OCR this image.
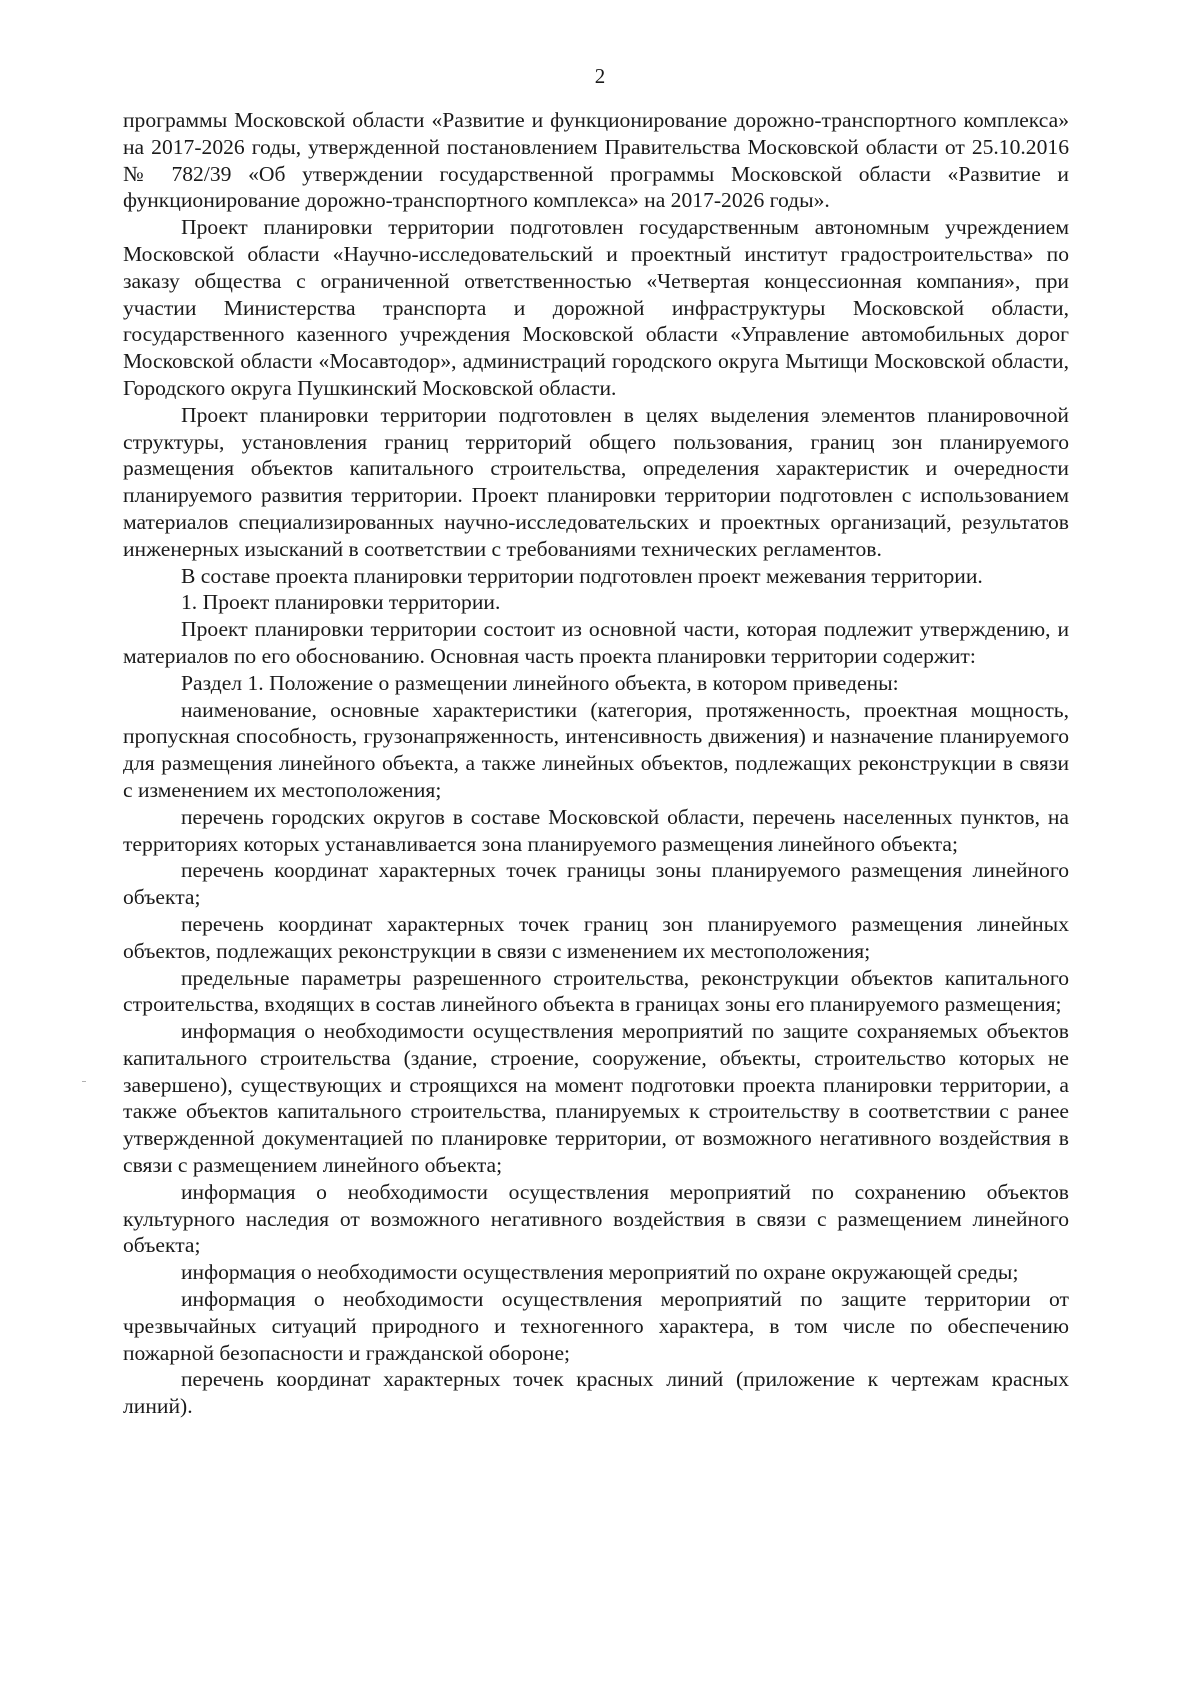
2

программы Московской области «Развитие и функционирование дорожно-транспортного комплекса» на 2017-2026 годы, утвержденной постановлением Правительства Московской области от 25.10.2016 № 782/39 «Об утверждении государственной программы Московской области «Развитие и функционирование дорожно-транспортного комплекса» на 2017-2026 годы».

Проект планировки территории подготовлен государственным автономным учреждением Московской области «Научно-исследовательский и проектный институт градостроительства» по заказу общества с ограниченной ответственностью «Четвертая концессионная компания», при участии Министерства транспорта и дорожной инфраструктуры Московской области, государственного казенного учреждения Московской области «Управление автомобильных дорог Московской области «Мосавтодор», администраций городского округа Мытищи Московской области, Городского округа Пушкинский Московской области.

Проект планировки территории подготовлен в целях выделения элементов планировочной структуры, установления границ территорий общего пользования, границ зон планируемого размещения объектов капитального строительства, определения характеристик и очередности планируемого развития территории. Проект планировки территории подготовлен с использованием материалов специализированных научно-исследовательских и проектных организаций, результатов инженерных изысканий в соответствии с требованиями технических регламентов.

В составе проекта планировки территории подготовлен проект межевания территории.

1. Проект планировки территории.

Проект планировки территории состоит из основной части, которая подлежит утверждению, и материалов по его обоснованию. Основная часть проекта планировки территории содержит:

Раздел 1. Положение о размещении линейного объекта, в котором приведены:

наименование, основные характеристики (категория, протяженность, проектная мощность, пропускная способность, грузонапряженность, интенсивность движения) и назначение планируемого для размещения линейного объекта, а также линейных объектов, подлежащих реконструкции в связи с изменением их местоположения;

перечень городских округов в составе Московской области, перечень населенных пунктов, на территориях которых устанавливается зона планируемого размещения линейного объекта;

перечень координат характерных точек границы зоны планируемого размещения линейного объекта;

перечень координат характерных точек границ зон планируемого размещения линейных объектов, подлежащих реконструкции в связи с изменением их местоположения;

предельные параметры разрешенного строительства, реконструкции объектов капитального строительства, входящих в состав линейного объекта в границах зоны его планируемого размещения;

информация о необходимости осуществления мероприятий по защите сохраняемых объектов капитального строительства (здание, строение, сооружение, объекты, строительство которых не завершено), существующих и строящихся на момент подготовки проекта планировки территории, а также объектов капитального строительства, планируемых к строительству в соответствии с ранее утвержденной документацией по планировке территории, от возможного негативного воздействия в связи с размещением линейного объекта;

информация о необходимости осуществления мероприятий по сохранению объектов культурного наследия от возможного негативного воздействия в связи с размещением линейного объекта;

информация о необходимости осуществления мероприятий по охране окружающей среды;

информация о необходимости осуществления мероприятий по защите территории от чрезвычайных ситуаций природного и техногенного характера, в том числе по обеспечению пожарной безопасности и гражданской обороне;

перечень координат характерных точек красных линий (приложение к чертежам красных линий).
